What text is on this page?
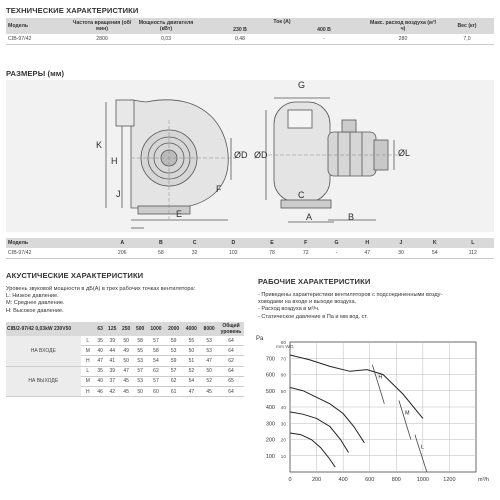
ТЕХНИЧЕСКИЕ ХАРАКТЕРИСТИКИ
Модель	Частота вращения (об/мин)	Мощность двигателя (кВт)	Ток (А)		Макс. расход воздуха (м³/ч)	Вес (кг)
			230 В	400 В		
CIB-97/42	2800	0,03	0,48	-	280	7,0
РАЗМЕРЫ (мм)
K
H
ØD ØD	ØL
F
J
E	A	B
C
G
Модель	A	B	C	D	E	F	G	H	J	K	L
CIB-97/42	206	58	32	102	78	72	-	47	30	54	112
АКУСТИЧЕСКИЕ ХАРАКТЕРИСТИКИ
Уровень звуковой мощности в дБ(А) в трех рабочих точках вентилятора:
L: Низкое давление.
M: Среднее давление.
H: Высокое давление.
CIB/2-97/42 0,03kW 230V50		63	125	250	500	1000	2000	4000	8000	Общий уровень
НА ВХОДЕ	L	35	39	50	58	57	59	55	53	64
	M	40	44	49	55	58	53	50	53	64
	H	47	41	50	53	54	59	51	47	62
НА ВЫХОДЕ	L	35	39	47	57	62	57	52	50	64
	M	40	37	45	53	57	62	54	52	65
	H	46	42	45	50	60	61	47	45	64
РАБОЧИЕ ХАРАКТЕРИСТИКИ
- Приведены характеристики вентиляторов с подсоединенными возду-
ховодами на входе и выходе воздуха.
- Расход воздуха в м³/ч.
- Статическое давление в Па и мм вод. ст.
100
200
300
400
500
600
700
0	200	400	600	800	1000	1200
10
20
30
40
50
60
70
80
Pa
mm WG
m³/h
H
M
L
